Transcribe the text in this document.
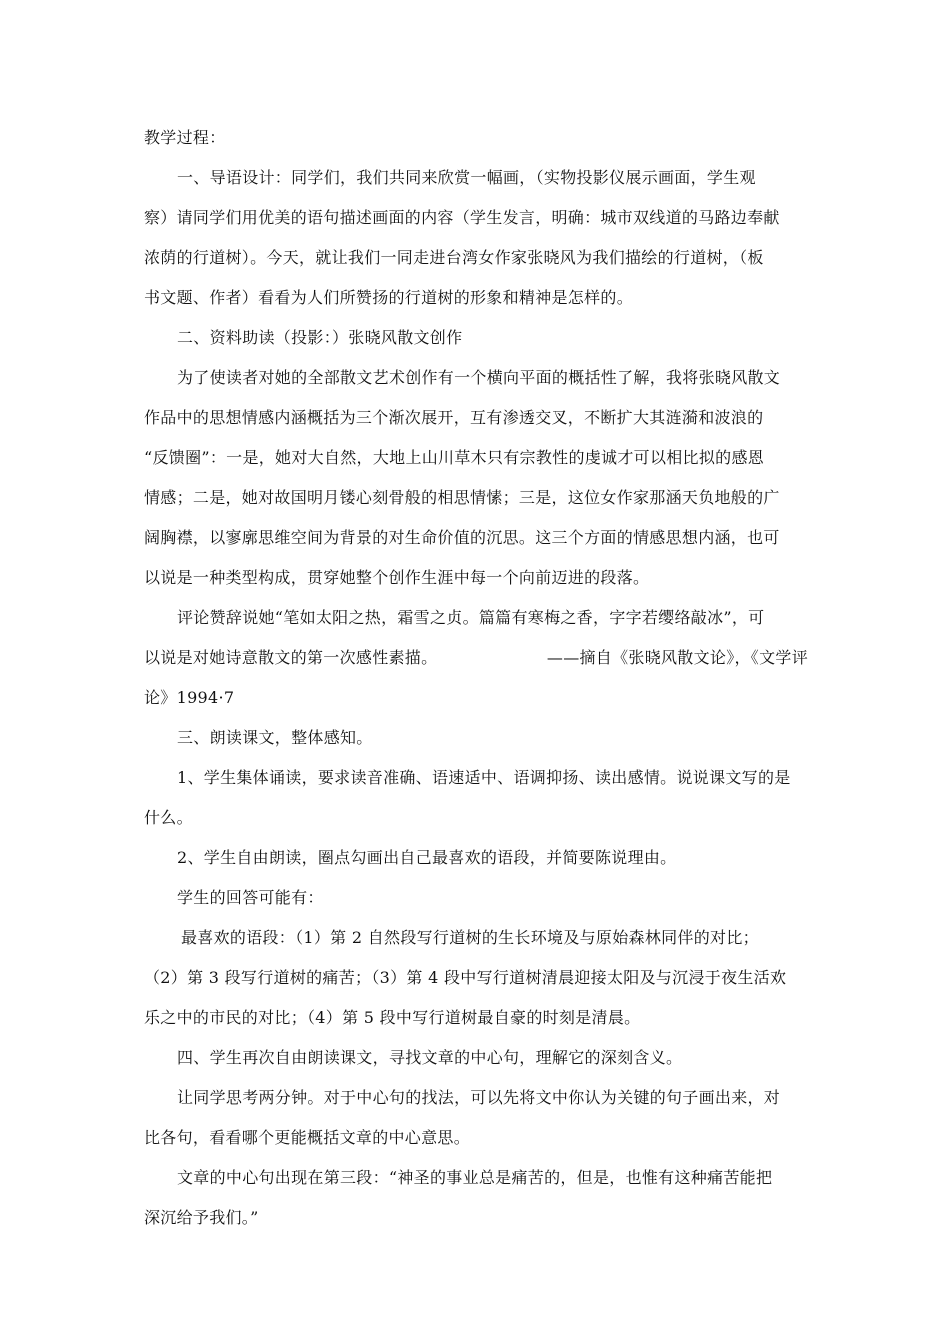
教学过程：
一、导语设计：同学们，我们共同来欣赏一幅画，（实物投影仪展示画面，学生观
察）请同学们用优美的语句描述画面的内容（学生发言，明确：城市双线道的马路边奉献
浓荫的行道树）。今天，就让我们一同走进台湾女作家张晓风为我们描绘的行道树，（板
书文题、作者）看看为人们所赞扬的行道树的形象和精神是怎样的。
二、资料助读（投影：）张晓风散文创作
为了使读者对她的全部散文艺术创作有一个横向平面的概括性了解，我将张晓风散文
作品中的思想情感内涵概括为三个渐次展开，互有渗透交叉，不断扩大其涟漪和波浪的
“反馈圈”：一是，她对大自然，大地上山川草木只有宗教性的虔诚才可以相比拟的感恩
情感；二是，她对故国明月镂心刻骨般的相思情愫；三是，这位女作家那涵天负地般的广
阔胸襟，以寥廓思维空间为背景的对生命价值的沉思。这三个方面的情感思想内涵，也可
以说是一种类型构成，贯穿她整个创作生涯中每一个向前迈进的段落。
评论赞辞说她“笔如太阳之热，霜雪之贞。篇篇有寒梅之香，字字若缨络敲冰”，可
以说是对她诗意散文的第一次感性素描。	——摘自《张晓风散文论》，《文学评
论》1994·7
三、朗读课文，整体感知。
1、学生集体诵读，要求读音准确、语速适中、语调抑扬、读出感情。说说课文写的是
什么。
2、学生自由朗读，圈点勾画出自己最喜欢的语段，并简要陈说理由。
学生的回答可能有：
最喜欢的语段：（1）第 2 自然段写行道树的生长环境及与原始森林同伴的对比；
（2）第 3 段写行道树的痛苦；（3）第 4 段中写行道树清晨迎接太阳及与沉浸于夜生活欢
乐之中的市民的对比；（4）第 5 段中写行道树最自豪的时刻是清晨。
四、学生再次自由朗读课文，寻找文章的中心句，理解它的深刻含义。
让同学思考两分钟。对于中心句的找法，可以先将文中你认为关键的句子画出来，对
比各句，看看哪个更能概括文章的中心意思。
文章的中心句出现在第三段：“神圣的事业总是痛苦的，但是，也惟有这种痛苦能把
深沉给予我们。”
